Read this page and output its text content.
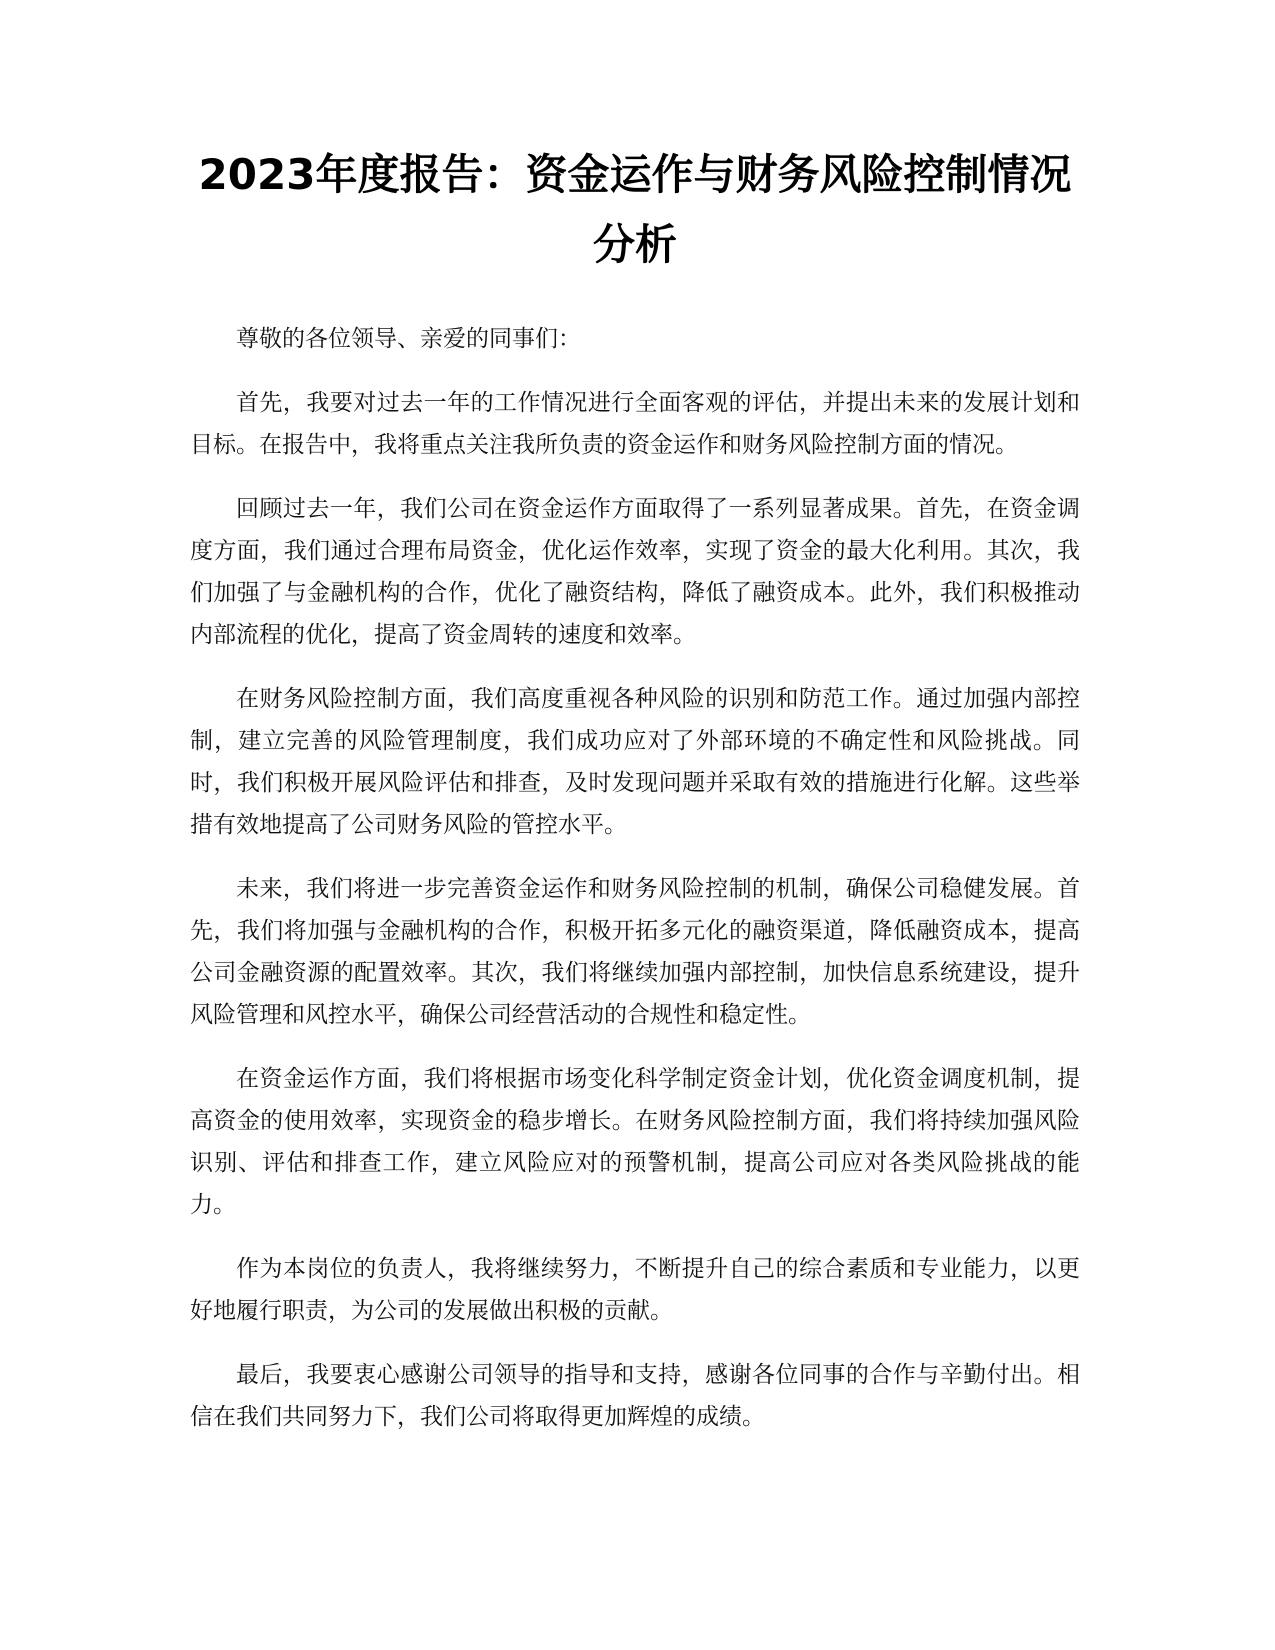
2023年度报告：资金运作与财务风险控制情况分析

尊敬的各位领导、亲爱的同事们：

首先，我要对过去一年的工作情况进行全面客观的评估，并提出未来的发展计划和目标。在报告中，我将重点关注我所负责的资金运作和财务风险控制方面的情况。

回顾过去一年，我们公司在资金运作方面取得了一系列显著成果。首先，在资金调度方面，我们通过合理布局资金，优化运作效率，实现了资金的最大化利用。其次，我们加强了与金融机构的合作，优化了融资结构，降低了融资成本。此外，我们积极推动内部流程的优化，提高了资金周转的速度和效率。

在财务风险控制方面，我们高度重视各种风险的识别和防范工作。通过加强内部控制，建立完善的风险管理制度，我们成功应对了外部环境的不确定性和风险挑战。同时，我们积极开展风险评估和排查，及时发现问题并采取有效的措施进行化解。这些举措有效地提高了公司财务风险的管控水平。

未来，我们将进一步完善资金运作和财务风险控制的机制，确保公司稳健发展。首先，我们将加强与金融机构的合作，积极开拓多元化的融资渠道，降低融资成本，提高公司金融资源的配置效率。其次，我们将继续加强内部控制，加快信息系统建设，提升风险管理和风控水平，确保公司经营活动的合规性和稳定性。

在资金运作方面，我们将根据市场变化科学制定资金计划，优化资金调度机制，提高资金的使用效率，实现资金的稳步增长。在财务风险控制方面，我们将持续加强风险识别、评估和排查工作，建立风险应对的预警机制，提高公司应对各类风险挑战的能力。

作为本岗位的负责人，我将继续努力，不断提升自己的综合素质和专业能力，以更好地履行职责，为公司的发展做出积极的贡献。

最后，我要衷心感谢公司领导的指导和支持，感谢各位同事的合作与辛勤付出。相信在我们共同努力下，我们公司将取得更加辉煌的成绩。
